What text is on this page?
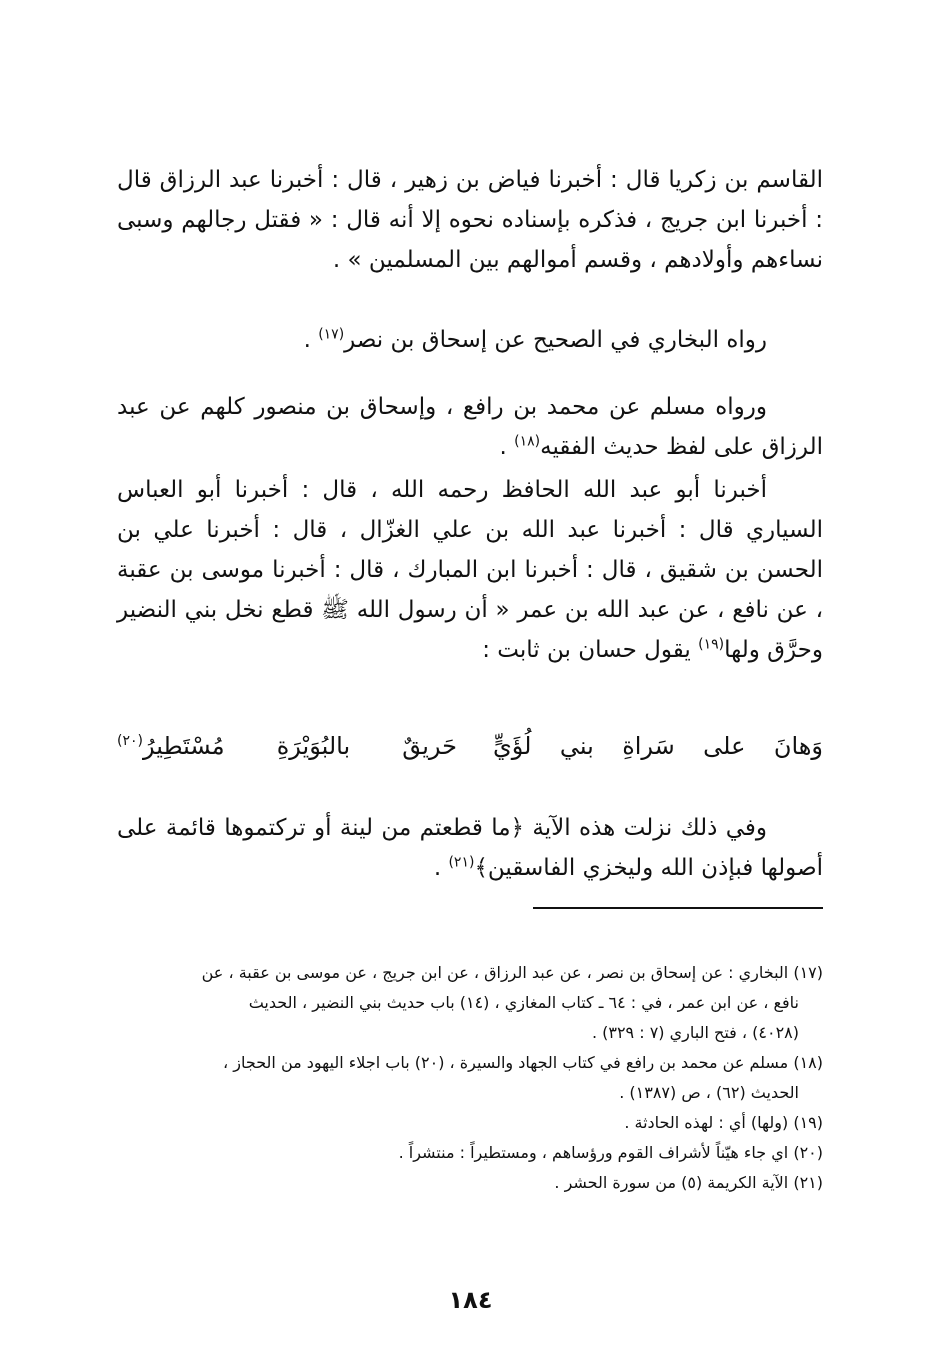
القاسم بن زكريا قال : أخبرنا فياض بن زهير ، قال : أخبرنا عبد الرزاق قال : أخبرنا ابن جريج ، فذكره بإسناده نحوه إلا أنه قال : « فقتل رجالهم وسبى نساءهم وأولادهم ، وقسم أموالهم بين المسلمين » .
رواه البخاري في الصحيح عن إسحاق بن نصر$^{(١٧)}$ .
ورواه مسلم عن محمد بن رافع ، وإسحاق بن منصور كلهم عن عبد الرزاق على لفظ حديث الفقيه$^{(١٨)}$ .
أخبرنا أبو عبد الله الحافظ رحمه الله ، قال : أخبرنا أبو العباس السياري قال : أخبرنا عبد الله بن علي الغزّال ، قال : أخبرنا علي بن الحسن بن شقيق ، قال : أخبرنا ابن المبارك ، قال : أخبرنا موسى بن عقبة ، عن نافع ، عن عبد الله بن عمر « أن رسول الله ﷺ قطع نخل بني النضير وحرَّق ولها$^{(١٩)}$ يقول حسان بن ثابت :
وَهانَ على سَراةِ بني لُؤَيٍّ
حَريقٌ بالبُوَيْرَةِ مُسْتَطِيرُ$^{(٢٠)}$
وفي ذلك نزلت هذه الآية ﴿ما قطعتم من لينة أو تركتموها قائمة على أصولها فبإذن الله وليخزي الفاسقين﴾$^{(٢١)}$ .
(١٧) البخاري : عن إسحاق بن نصر ، عن عبد الرزاق ، عن ابن جريج ، عن موسى بن عقبة ، عن
نافع ، عن ابن عمر ، في : ٦٤ ـ كتاب المغازي ، (١٤) باب حديث بني النضير ، الحديث
(٤٠٢٨) ، فتح الباري (٧ : ٣٢٩) .
(١٨) مسلم عن محمد بن رافع في كتاب الجهاد والسيرة ، (٢٠) باب اجلاء اليهود من الحجاز ،
الحديث (٦٢) ، ص (١٣٨٧) .
(١٩) (ولها) أي : لهذه الحادثة .
(٢٠) اي جاء هيّناً لأشراف القوم ورؤساهم ، ومستطيراً : منتشراً .
(٢١) الآية الكريمة (٥) من سورة الحشر .
١٨٤
